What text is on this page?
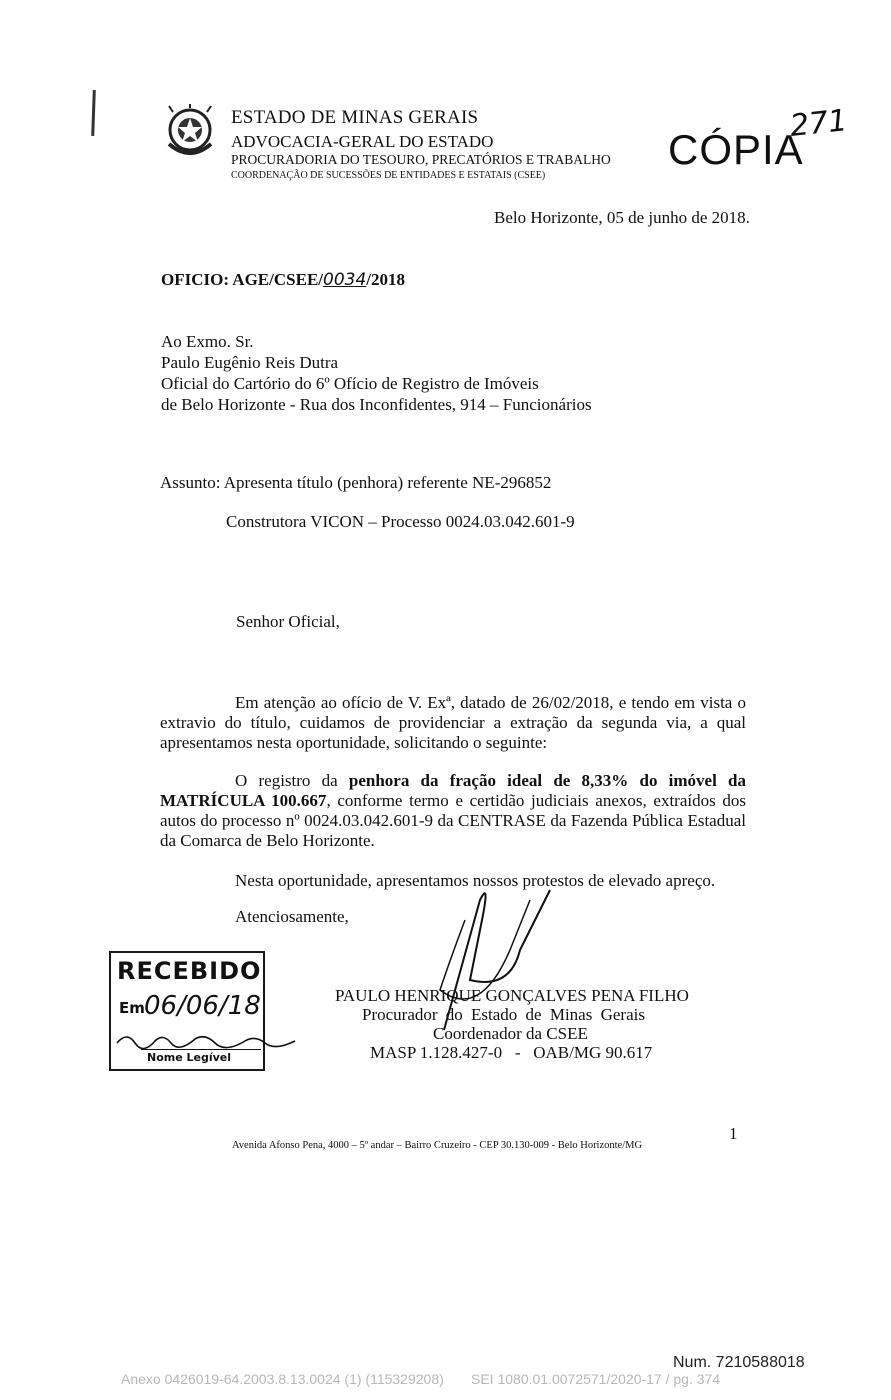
ESTADO DE MINAS GERAIS
ADVOCACIA-GERAL DO ESTADO
PROCURADORIA DO TESOURO, PRECATÓRIOS E TRABALHO
COORDENAÇÃO DE SUCESSÕES DE ENTIDADES E ESTATAIS (CSEE)
CÓPIA
271
Belo Horizonte, 05 de junho de 2018.
OFICIO: AGE/CSEE/0034/2018
Ao Exmo. Sr.
Paulo Eugênio Reis Dutra
Oficial do Cartório do 6º Ofício de Registro de Imóveis
de Belo Horizonte - Rua dos Inconfidentes, 914 – Funcionários
Assunto: Apresenta título (penhora) referente NE-296852
Construtora VICON – Processo 0024.03.042.601-9
Senhor Oficial,
Em atenção ao ofício de V. Exª, datado de 26/02/2018, e tendo em vista o extravio do título, cuidamos de providenciar a extração da segunda via, a qual apresentamos nesta oportunidade, solicitando o seguinte:
O registro da penhora da fração ideal de 8,33% do imóvel da MATRÍCULA 100.667, conforme termo e certidão judiciais anexos, extraídos dos autos do processo nº 0024.03.042.601-9 da CENTRASE da Fazenda Pública Estadual da Comarca de Belo Horizonte.
Nesta oportunidade, apresentamos nossos protestos de elevado apreço.
Atenciosamente,
PAULO HENRIQUE GONÇALVES PENA FILHO
Procurador do Estado de Minas Gerais
Coordenador da CSEE
MASP 1.128.427-0   -   OAB/MG 90.617
RECEBIDO
Em 06/06/18
Nome Legível
Avenida Afonso Pena, 4000 – 5º andar – Bairro Cruzeiro - CEP 30.130-009 - Belo Horizonte/MG
1
Num. 7210588018
Anexo 0426019-64.2003.8.13.0024 (1) (115329208)       SEI 1080.01.0072571/2020-17 / pg. 374
